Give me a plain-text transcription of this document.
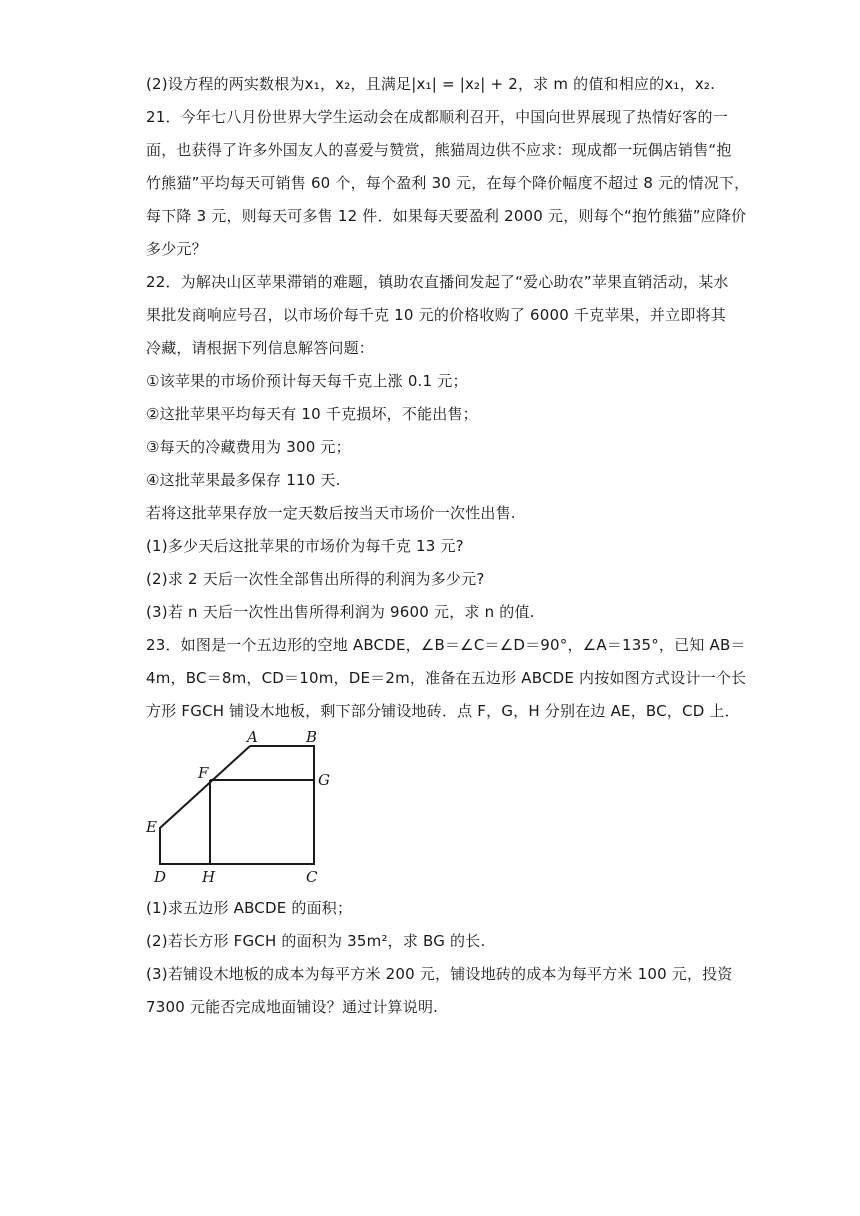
(2)设方程的两实数根为x₁，x₂，且满足|x₁| = |x₂| + 2，求 m 的值和相应的x₁，x₂.
21．今年七八月份世界大学生运动会在成都顺利召开，中国向世界展现了热情好客的一
面，也获得了许多外国友人的喜爱与赞赏，熊猫周边供不应求：现成都一玩偶店销售“抱
竹熊猫”平均每天可销售 60 个，每个盈利 30 元，在每个降价幅度不超过 8 元的情况下，
每下降 3 元，则每天可多售 12 件．如果每天要盈利 2000 元，则每个“抱竹熊猫”应降价
多少元？
22．为解决山区苹果滞销的难题，镇助农直播间发起了“爱心助农”苹果直销活动，某水
果批发商响应号召，以市场价每千克 10 元的价格收购了 6000 千克苹果，并立即将其
冷藏，请根据下列信息解答问题：
①该苹果的市场价预计每天每千克上涨 0.1 元；
②这批苹果平均每天有 10 千克损坏，不能出售；
③每天的冷藏费用为 300 元；
④这批苹果最多保存 110 天.
若将这批苹果存放一定天数后按当天市场价一次性出售.
(1)多少天后这批苹果的市场价为每千克 13 元?
(2)求 2 天后一次性全部售出所得的利润为多少元?
(3)若 n 天后一次性出售所得利润为 9600 元，求 n 的值.
23．如图是一个五边形的空地 ABCDE，∠B＝∠C＝∠D＝90°，∠A＝135°，已知 AB＝
4m，BC＝8m，CD＝10m，DE＝2m，准备在五边形 ABCDE 内按如图方式设计一个长
方形 FGCH 铺设木地板，剩下部分铺设地砖．点 F，G，H 分别在边 AE，BC，CD 上．
A	B
F	G
E
D H	C
(1)求五边形 ABCDE 的面积；
(2)若长方形 FGCH 的面积为 35m²，求 BG 的长.
(3)若铺设木地板的成本为每平方米 200 元，铺设地砖的成本为每平方米 100 元，投资
7300 元能否完成地面铺设？通过计算说明.
